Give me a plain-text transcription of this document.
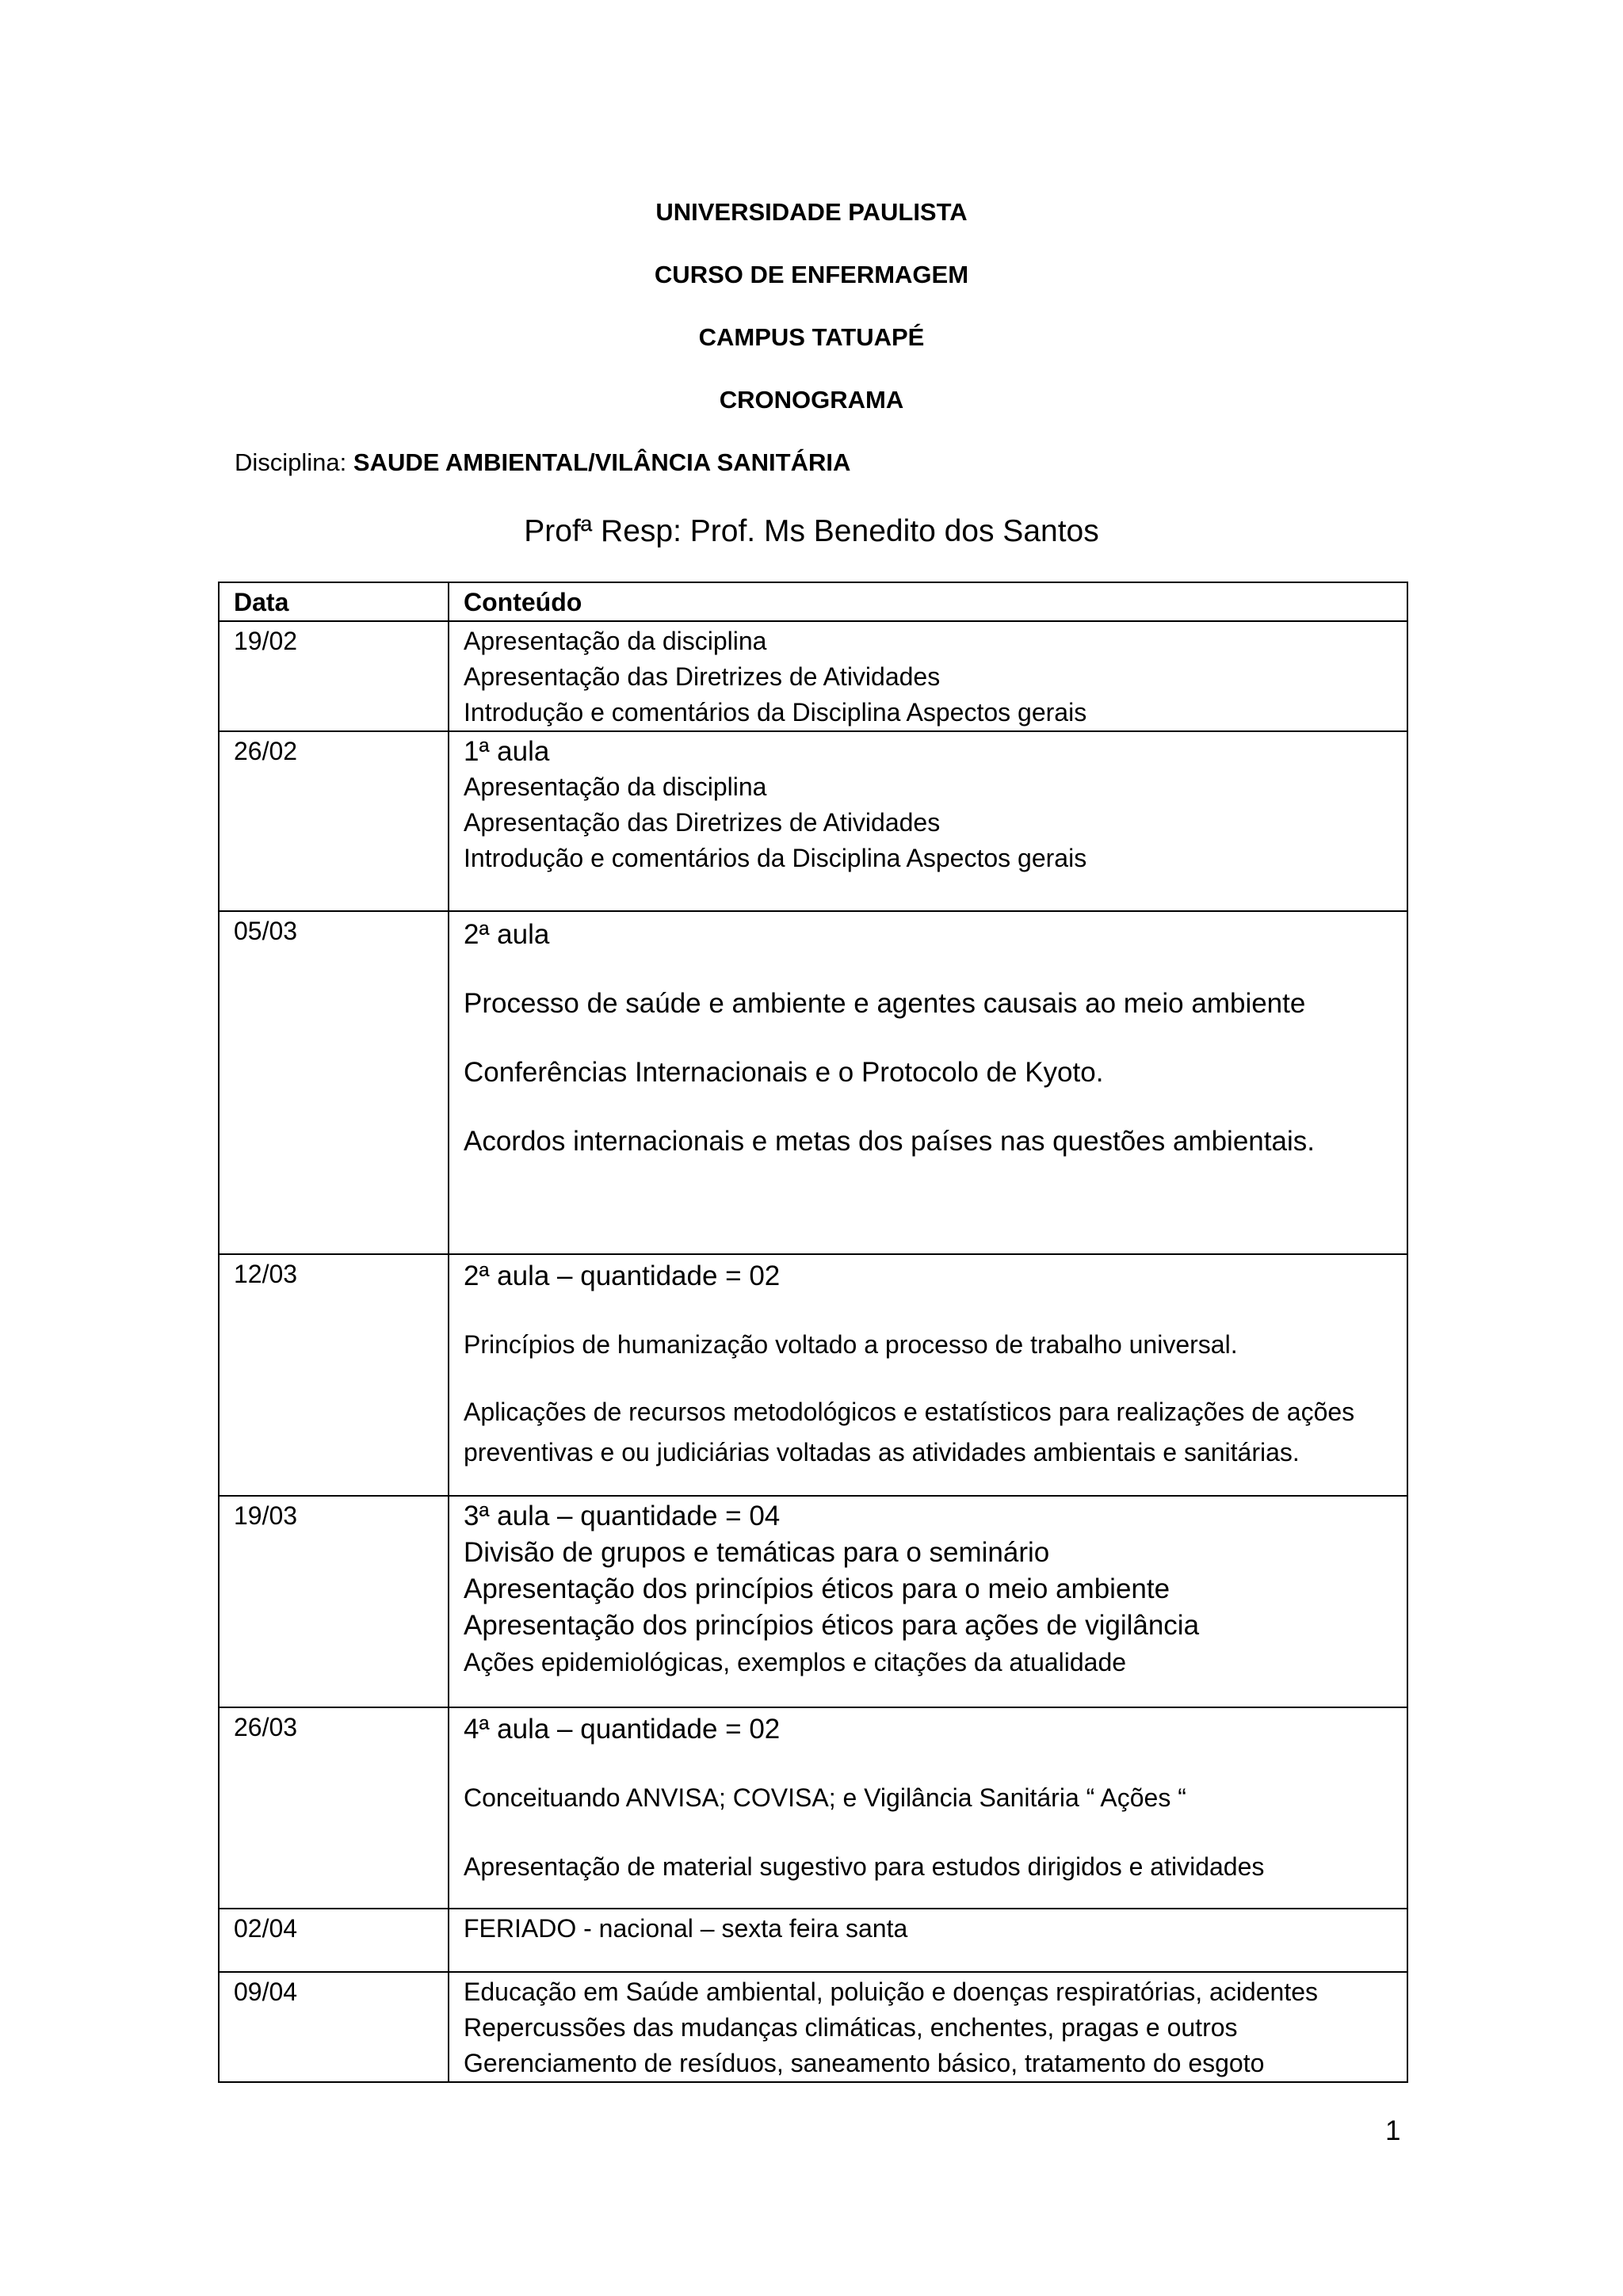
UNIVERSIDADE PAULISTA
CURSO DE ENFERMAGEM
CAMPUS TATUAPÉ
CRONOGRAMA
Disciplina: SAUDE AMBIENTAL/VILÂNCIA SANITÁRIA
Profª Resp: Prof. Ms Benedito dos Santos
Data	Conteúdo
19/02	Apresentação da disciplina
Apresentação das Diretrizes de Atividades
Introdução e comentários da Disciplina Aspectos gerais

26/02	1ª aula
Apresentação da disciplina
Apresentação das Diretrizes de Atividades
Introdução e comentários da Disciplina Aspectos gerais

05/03	2ª aula
Processo de saúde e ambiente e agentes causais ao meio ambiente
Conferências Internacionais e o Protocolo de Kyoto.
Acordos internacionais e metas dos países nas questões ambientais.

12/03	2ª aula – quantidade = 02
Princípios de humanização voltado a processo de trabalho universal.
Aplicações de recursos metodológicos e estatísticos para realizações de ações
preventivas e ou judiciárias voltadas as atividades ambientais e sanitárias.

19/03	3ª aula – quantidade = 04
Divisão de grupos e temáticas para o seminário
Apresentação dos princípios éticos para o meio ambiente
Apresentação dos princípios éticos para ações de vigilância
Ações epidemiológicas, exemplos e citações da atualidade

26/03	4ª aula – quantidade = 02
Conceituando ANVISA; COVISA; e Vigilância Sanitária “ Ações “
Apresentação de material sugestivo para estudos dirigidos e atividades

02/04	FERIADO - nacional – sexta feira santa

09/04	Educação em Saúde ambiental, poluição e doenças respiratórias, acidentes
Repercussões das mudanças climáticas, enchentes, pragas e outros
Gerenciamento de resíduos, saneamento básico, tratamento do esgoto
1
